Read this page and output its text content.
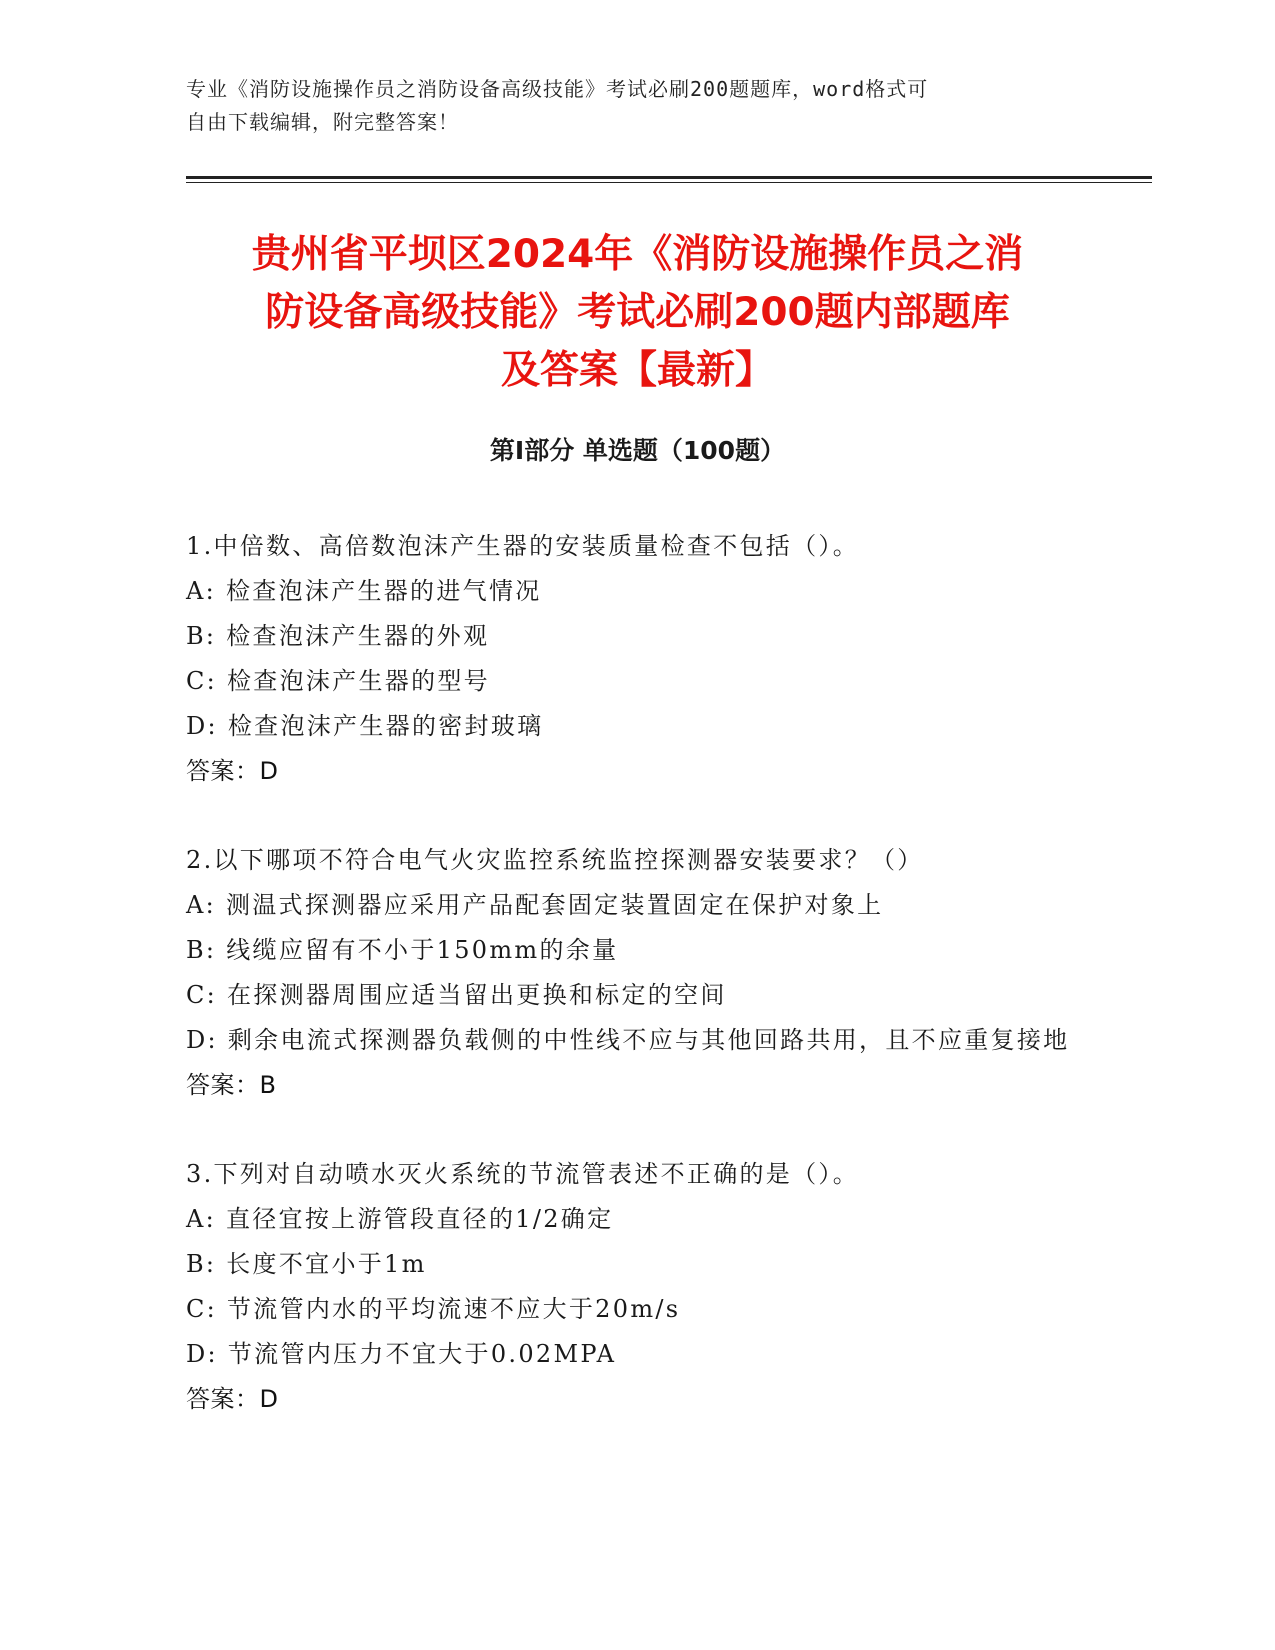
专业《消防设施操作员之消防设备高级技能》考试必刷200题题库，word格式可
自由下载编辑，附完整答案！
贵州省平坝区2024年《消防设施操作员之消
防设备高级技能》考试必刷200题内部题库
及答案【最新】
第Ⅰ部分 单选题（100题）
1.中倍数、高倍数泡沫产生器的安装质量检查不包括（）。
A: 检查泡沫产生器的进气情况
B: 检查泡沫产生器的外观
C: 检查泡沫产生器的型号
D: 检查泡沫产生器的密封玻璃
答案：D
2.以下哪项不符合电气火灾监控系统监控探测器安装要求？（）
A: 测温式探测器应采用产品配套固定装置固定在保护对象上
B: 线缆应留有不小于150mm的余量
C: 在探测器周围应适当留出更换和标定的空间
D: 剩余电流式探测器负载侧的中性线不应与其他回路共用，且不应重复接地
答案：B
3.下列对自动喷水灭火系统的节流管表述不正确的是（）。
A: 直径宜按上游管段直径的1/2确定
B: 长度不宜小于1m
C: 节流管内水的平均流速不应大于20m/s
D: 节流管内压力不宜大于0.02MPA
答案：D
